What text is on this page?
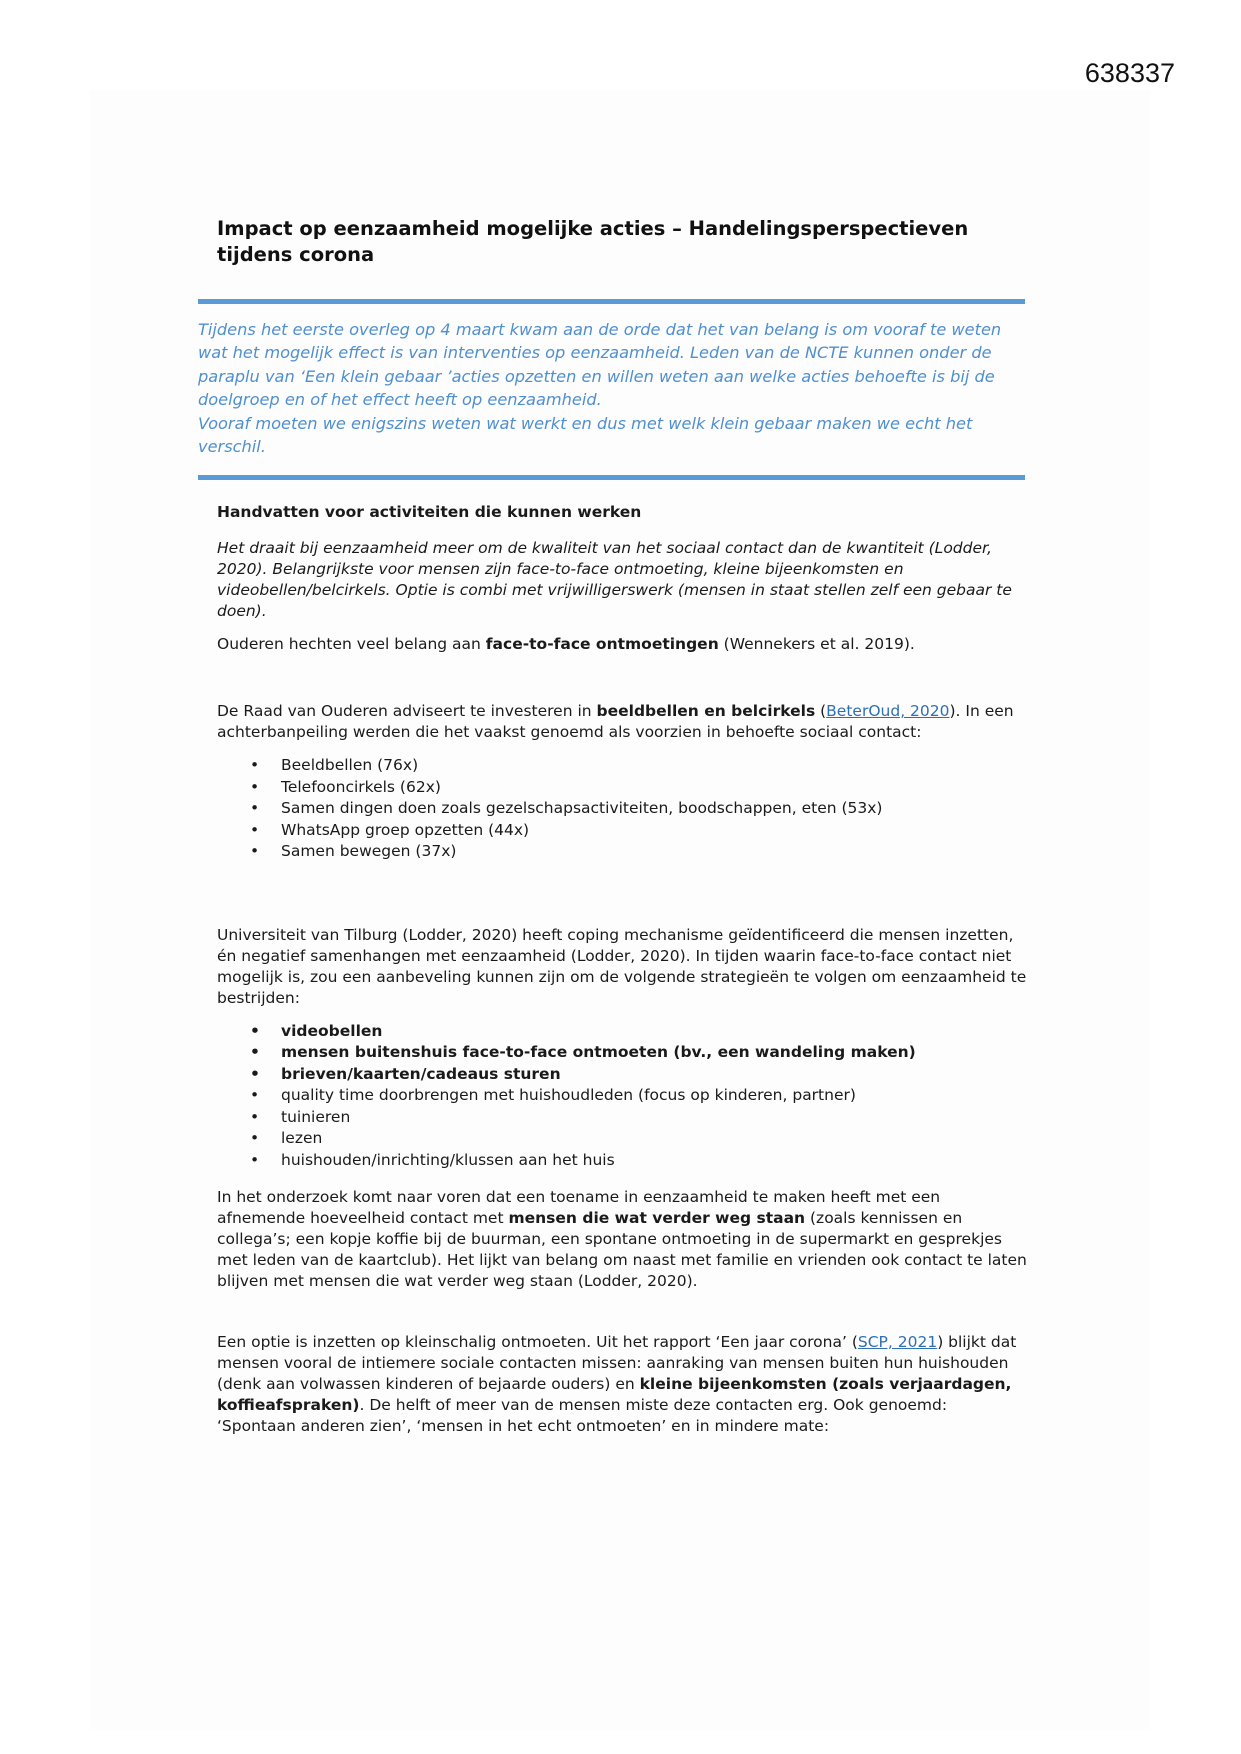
638337
Impact op eenzaamheid mogelijke acties – Handelingsperspectieven tijdens corona

Tijdens het eerste overleg op 4 maart kwam aan de orde dat het van belang is om vooraf te weten wat het mogelijk effect is van interventies op eenzaamheid. Leden van de NCTE kunnen onder de paraplu van ‘Een klein gebaar ’acties opzetten en willen weten aan welke acties behoefte is bij de doelgroep en of het effect heeft op eenzaamheid.

Vooraf moeten we enigszins weten wat werkt en dus met welk klein gebaar maken we echt het verschil.

Handvatten voor activiteiten die kunnen werken

Het draait bij eenzaamheid meer om de kwaliteit van het sociaal contact dan de kwantiteit (Lodder, 2020). Belangrijkste voor mensen zijn face-to-face ontmoeting, kleine bijeenkomsten en videobellen/belcirkels. Optie is combi met vrijwilligerswerk (mensen in staat stellen zelf een gebaar te doen).

Ouderen hechten veel belang aan face-to-face ontmoetingen (Wennekers et al. 2019).

De Raad van Ouderen adviseert te investeren in beeldbellen en belcirkels (BeterOud, 2020). In een achterbanpeiling werden die het vaakst genoemd als voorzien in behoefte sociaal contact:

• Beeldbellen (76x)
• Telefooncirkels (62x)
• Samen dingen doen zoals gezelschapsactiviteiten, boodschappen, eten (53x)
• WhatsApp groep opzetten (44x)
• Samen bewegen (37x)

Universiteit van Tilburg (Lodder, 2020) heeft coping mechanisme geïdentificeerd die mensen inzetten, én negatief samenhangen met eenzaamheid (Lodder, 2020). In tijden waarin face-to-face contact niet mogelijk is, zou een aanbeveling kunnen zijn om de volgende strategieën te volgen om eenzaamheid te bestrijden:

• videobellen
• mensen buitenshuis face-to-face ontmoeten (bv., een wandeling maken)
• brieven/kaarten/cadeaus sturen
• quality time doorbrengen met huishoudleden (focus op kinderen, partner)
• tuinieren
• lezen
• huishouden/inrichting/klussen aan het huis

In het onderzoek komt naar voren dat een toename in eenzaamheid te maken heeft met een afnemende hoeveelheid contact met mensen die wat verder weg staan (zoals kennissen en collega’s; een kopje koffie bij de buurman, een spontane ontmoeting in de supermarkt en gesprekjes met leden van de kaartclub). Het lijkt van belang om naast met familie en vrienden ook contact te laten blijven met mensen die wat verder weg staan (Lodder, 2020).

Een optie is inzetten op kleinschalig ontmoeten. Uit het rapport ‘Een jaar corona’ (SCP, 2021) blijkt dat mensen vooral de intiemere sociale contacten missen: aanraking van mensen buiten hun huishouden (denk aan volwassen kinderen of bejaarde ouders) en kleine bijeenkomsten (zoals verjaardagen, koffieafspraken). De helft of meer van de mensen miste deze contacten erg. Ook genoemd: ‘Spontaan anderen zien’, ‘mensen in het echt ontmoeten’ en in mindere mate:
